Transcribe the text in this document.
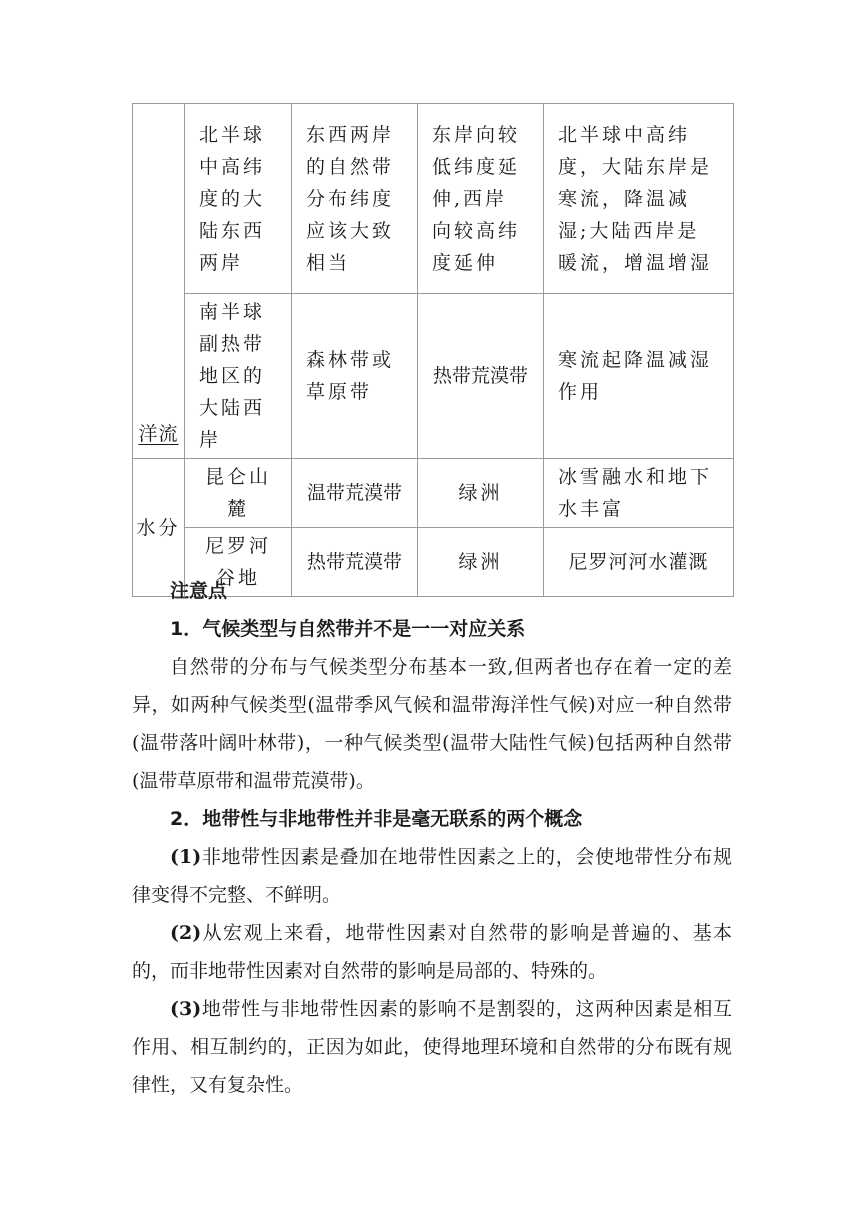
洋流	北半球中高纬度的大陆东西两岸	东西两岸的自然带分布纬度应该大致相当	东岸向较低纬度延伸,西岸向较高纬度延伸	北半球中高纬度，大陆东岸是寒流，降温减湿;大陆西岸是暖流，增温增湿
	南半球副热带地区的大陆西岸	森林带或草原带	热带荒漠带	寒流起降温减湿作用
水分	昆仑山麓	温带荒漠带	绿洲	冰雪融水和地下水丰富
	尼罗河谷地	热带荒漠带	绿洲	尼罗河河水灌溉

注意点

1．气候类型与自然带并不是一一对应关系

自然带的分布与气候类型分布基本一致,但两者也存在着一定的差异，如两种气候类型(温带季风气候和温带海洋性气候)对应一种自然带(温带落叶阔叶林带)，一种气候类型(温带大陆性气候)包括两种自然带(温带草原带和温带荒漠带)。

2．地带性与非地带性并非是毫无联系的两个概念

(1)非地带性因素是叠加在地带性因素之上的，会使地带性分布规律变得不完整、不鲜明。

(2)从宏观上来看，地带性因素对自然带的影响是普遍的、基本的，而非地带性因素对自然带的影响是局部的、特殊的。

(3)地带性与非地带性因素的影响不是割裂的，这两种因素是相互作用、相互制约的，正因为如此，使得地理环境和自然带的分布既有规律性，又有复杂性。
